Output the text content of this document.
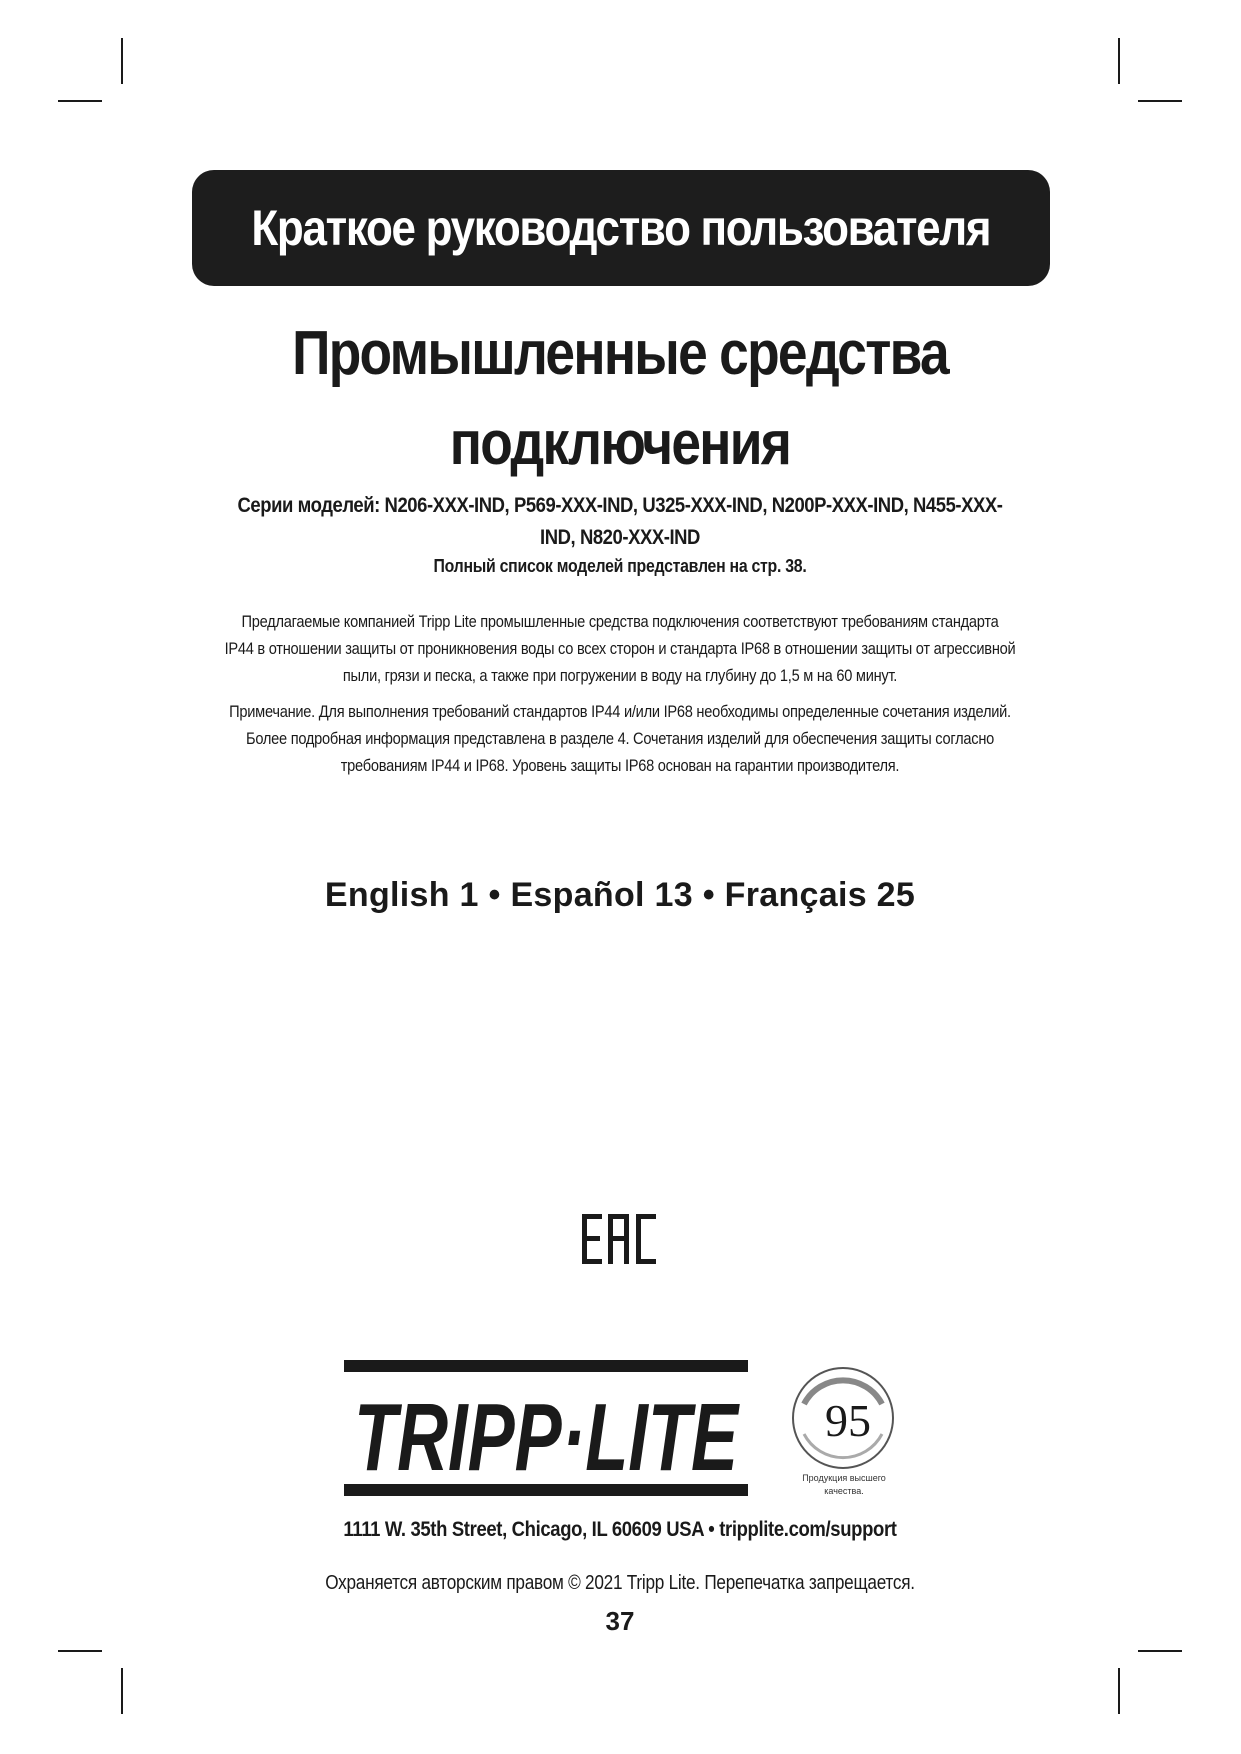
Краткое руководство пользователя
Промышленные средства
подключения
Серии моделей: N206-XXX-IND, P569-XXX-IND, U325-XXX-IND, N200P-XXX-IND, N455-XXX-
IND, N820-XXX-IND
Полный список моделей представлен на стр. 38.
Предлагаемые компанией Tripp Lite промышленные средства подключения соответствуют требованиям стандарта
IP44 в отношении защиты от проникновения воды со всех сторон и стандарта IP68 в отношении защиты от агрессивной
пыли, грязи и песка, а также при погружении в воду на глубину до 1,5 м на 60 минут.
Примечание. Для выполнения требований стандартов IP44 и/или IP68 необходимы определенные сочетания изделий.
Более подробная информация представлена в разделе 4. Сочетания изделий для обеспечения защиты согласно
требованиям IP44 и IP68. Уровень защиты IP68 основан на гарантии производителя.
English 1 • Español 13 • Français 25
TRIPP·LITE 95
Продукция высшего
качества.
1111 W. 35th Street, Chicago, IL 60609 USA • tripplite.com/support
Охраняется авторским правом © 2021 Tripp Lite. Перепечатка запрещается.
37
